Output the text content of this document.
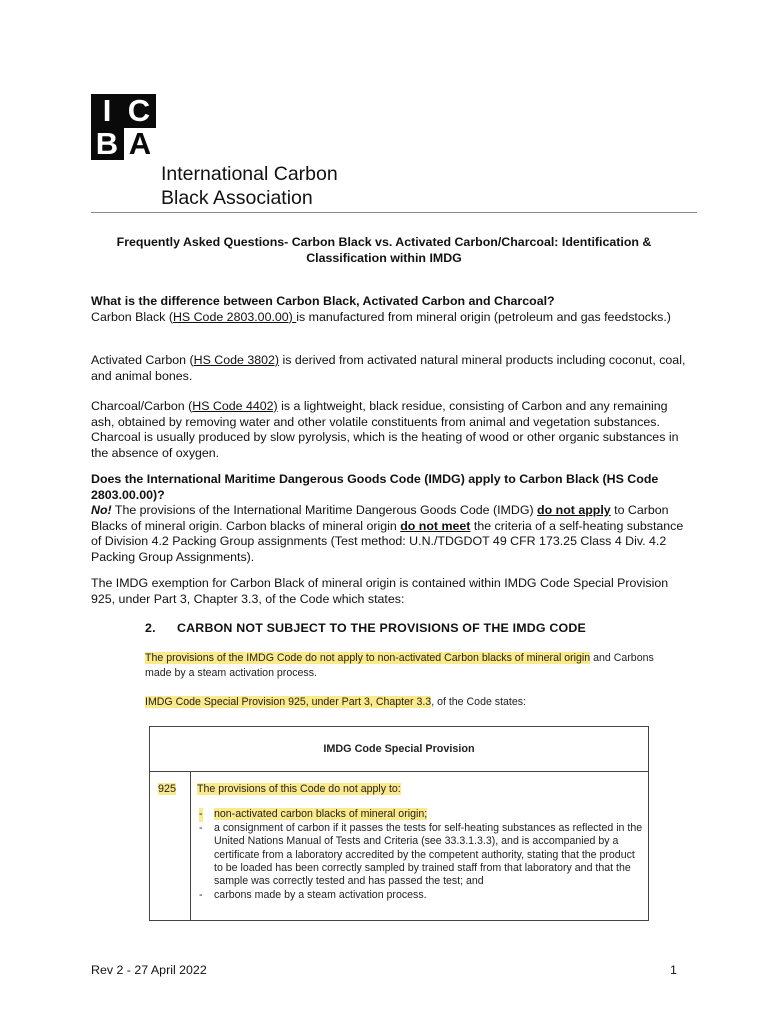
I C
B A
International Carbon
Black Association
Frequently Asked Questions- Carbon Black vs. Activated Carbon/Charcoal: Identification &
Classification within IMDG

What is the difference between Carbon Black, Activated Carbon and Charcoal?

Carbon Black (HS Code 2803.00.00) is manufactured from mineral origin (petroleum and gas feedstocks.)

Activated Carbon (HS Code 3802) is derived from activated natural mineral products including coconut, coal, and animal bones.

Charcoal/Carbon (HS Code 4402) is a lightweight, black residue, consisting of Carbon and any remaining ash, obtained by removing water and other volatile constituents from animal and vegetation substances. Charcoal is usually produced by slow pyrolysis, which is the heating of wood or other organic substances in the absence of oxygen.

Does the International Maritime Dangerous Goods Code (IMDG) apply to Carbon Black (HS Code 2803.00.00)?

No! The provisions of the International Maritime Dangerous Goods Code (IMDG) do not apply to Carbon Blacks of mineral origin. Carbon blacks of mineral origin do not meet the criteria of a self-heating substance of Division 4.2 Packing Group assignments (Test method: U.N./TDGDOT 49 CFR 173.25 Class 4 Div. 4.2 Packing Group Assignments).

The IMDG exemption for Carbon Black of mineral origin is contained within IMDG Code Special Provision 925, under Part 3, Chapter 3.3, of the Code which states:

2. CARBON NOT SUBJECT TO THE PROVISIONS OF THE IMDG CODE
The provisions of the IMDG Code do not apply to non-activated Carbon blacks of mineral origin and Carbons made by a steam activation process.
IMDG Code Special Provision 925, under Part 3, Chapter 3.3, of the Code states:
IMDG Code Special Provision
925 The provisions of this Code do not apply to:
- non-activated carbon blacks of mineral origin;
- a consignment of carbon if it passes the tests for self-heating substances as reflected in the United Nations Manual of Tests and Criteria (see 33.3.1.3.3), and is accompanied by a certificate from a laboratory accredited by the competent authority, stating that the product to be loaded has been correctly sampled by trained staff from that laboratory and that the sample was correctly tested and has passed the test; and
- carbons made by a steam activation process.
Rev 2 - 27 April 2022	1
